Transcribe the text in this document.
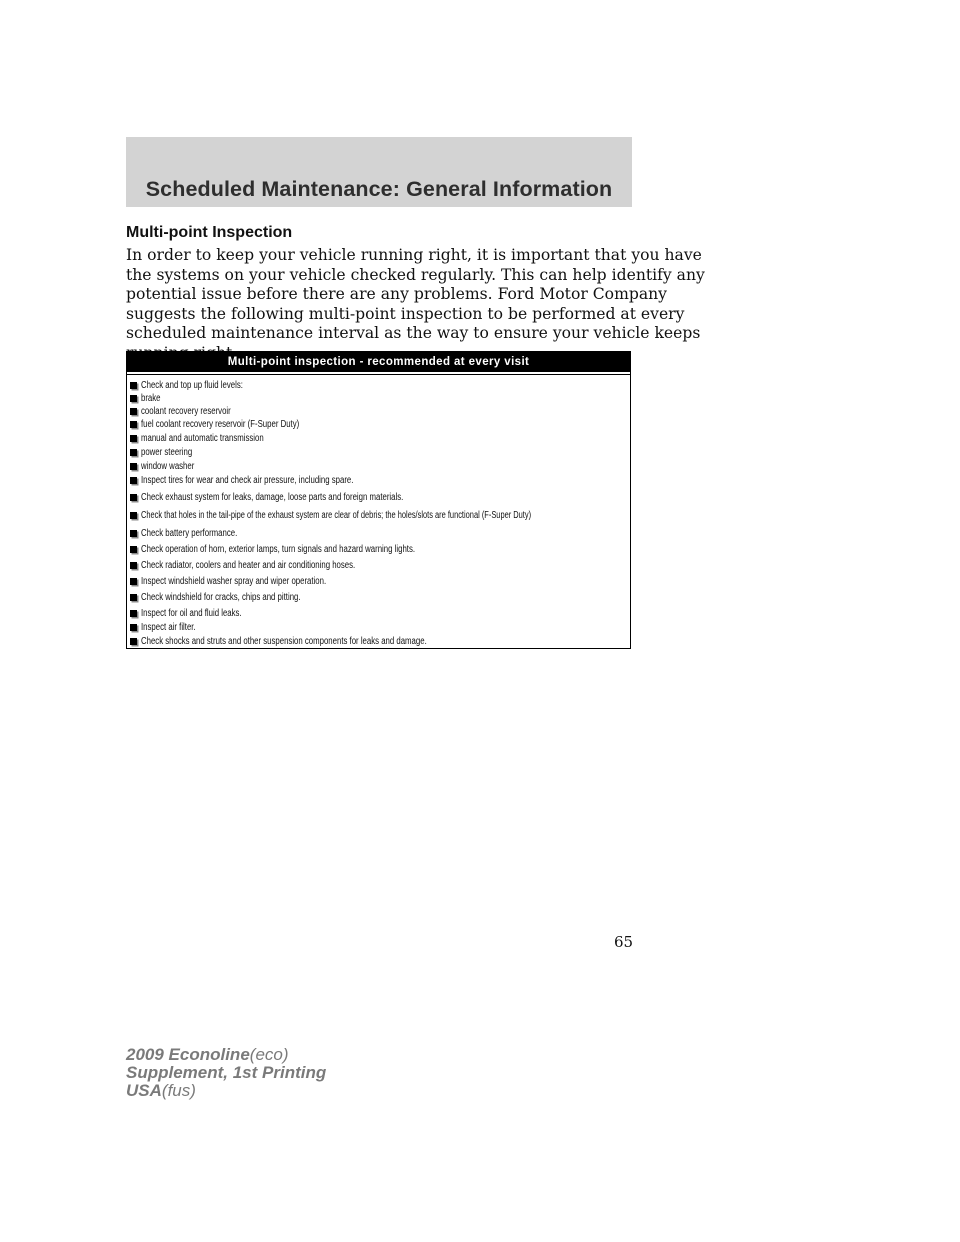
Scheduled Maintenance: General Information
Multi-point Inspection
In order to keep your vehicle running right, it is important that you have
the systems on your vehicle checked regularly. This can help identify any
potential issue before there are any problems. Ford Motor Company
suggests the following multi-point inspection to be performed at every
scheduled maintenance interval as the way to ensure your vehicle keeps
Multi-point inspection - recommended at every visit
Check and top up fluid levels:
brake
coolant recovery reservoir
fuel coolant recovery reservoir (F-Super Duty)
manual and automatic transmission
power steering
window washer
Inspect tires for wear and check air pressure, including spare.
Check exhaust system for leaks, damage, loose parts and foreign materials.
Check that holes in the tail-pipe of the exhaust system are clear of debris; the holes/slots are functional (F-Super Duty)
Check battery performance.
Check operation of horn, exterior lamps, turn signals and hazard warning lights.
Check radiator, coolers and heater and air conditioning hoses.
Inspect windshield washer spray and wiper operation.
Check windshield for cracks, chips and pitting.
Inspect for oil and fluid leaks.
Inspect air filter.
Check shocks and struts and other suspension components for leaks and damage.
65
2009 Econoline(eco)
Supplement, 1st Printing
USA(fus)
